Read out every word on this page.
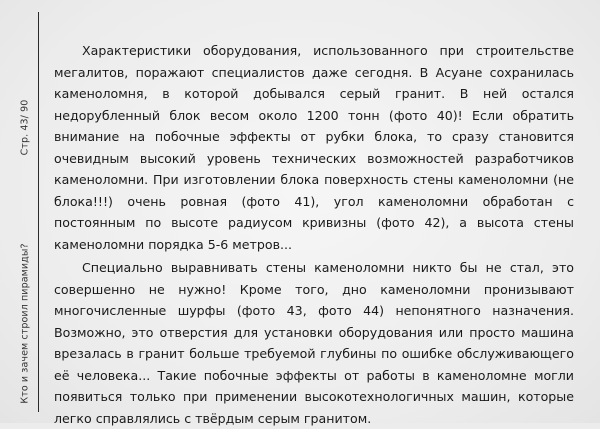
Стр. 43/ 90
Кто и зачем строил пирамиды?

Характеристики оборудования, использованного при строительстве мегалитов, поражают специалистов даже сегодня. В Асуане сохранилась каменоломня, в которой добывался серый гранит. В ней остался недорубленный блок весом около 1200 тонн (фото 40)! Если обратить внимание на побочные эффекты от рубки блока, то сразу становится очевидным высокий уровень технических возможностей разработчиков каменоломни. При изготовлении блока поверхность стены каменоломни (не блока!!!) очень ровная (фото 41), угол каменоломни обработан с постоянным по высоте радиусом кривизны (фото 42), а высота стены каменоломни порядка 5-6 метров...

Специально выравнивать стены каменоломни никто бы не стал, это совершенно не нужно! Кроме того, дно каменоломни пронизывают многочисленные шурфы (фото 43, фото 44) непонятного назначения. Возможно, это отверстия для установки оборудования или просто машина врезалась в гранит больше требуемой глубины по ошибке обслуживающего её человека... Такие побочные эффекты от работы в каменоломне могли появиться только при применении высокотехнологичных машин, которые легко справлялись с твёрдым серым гранитом.
